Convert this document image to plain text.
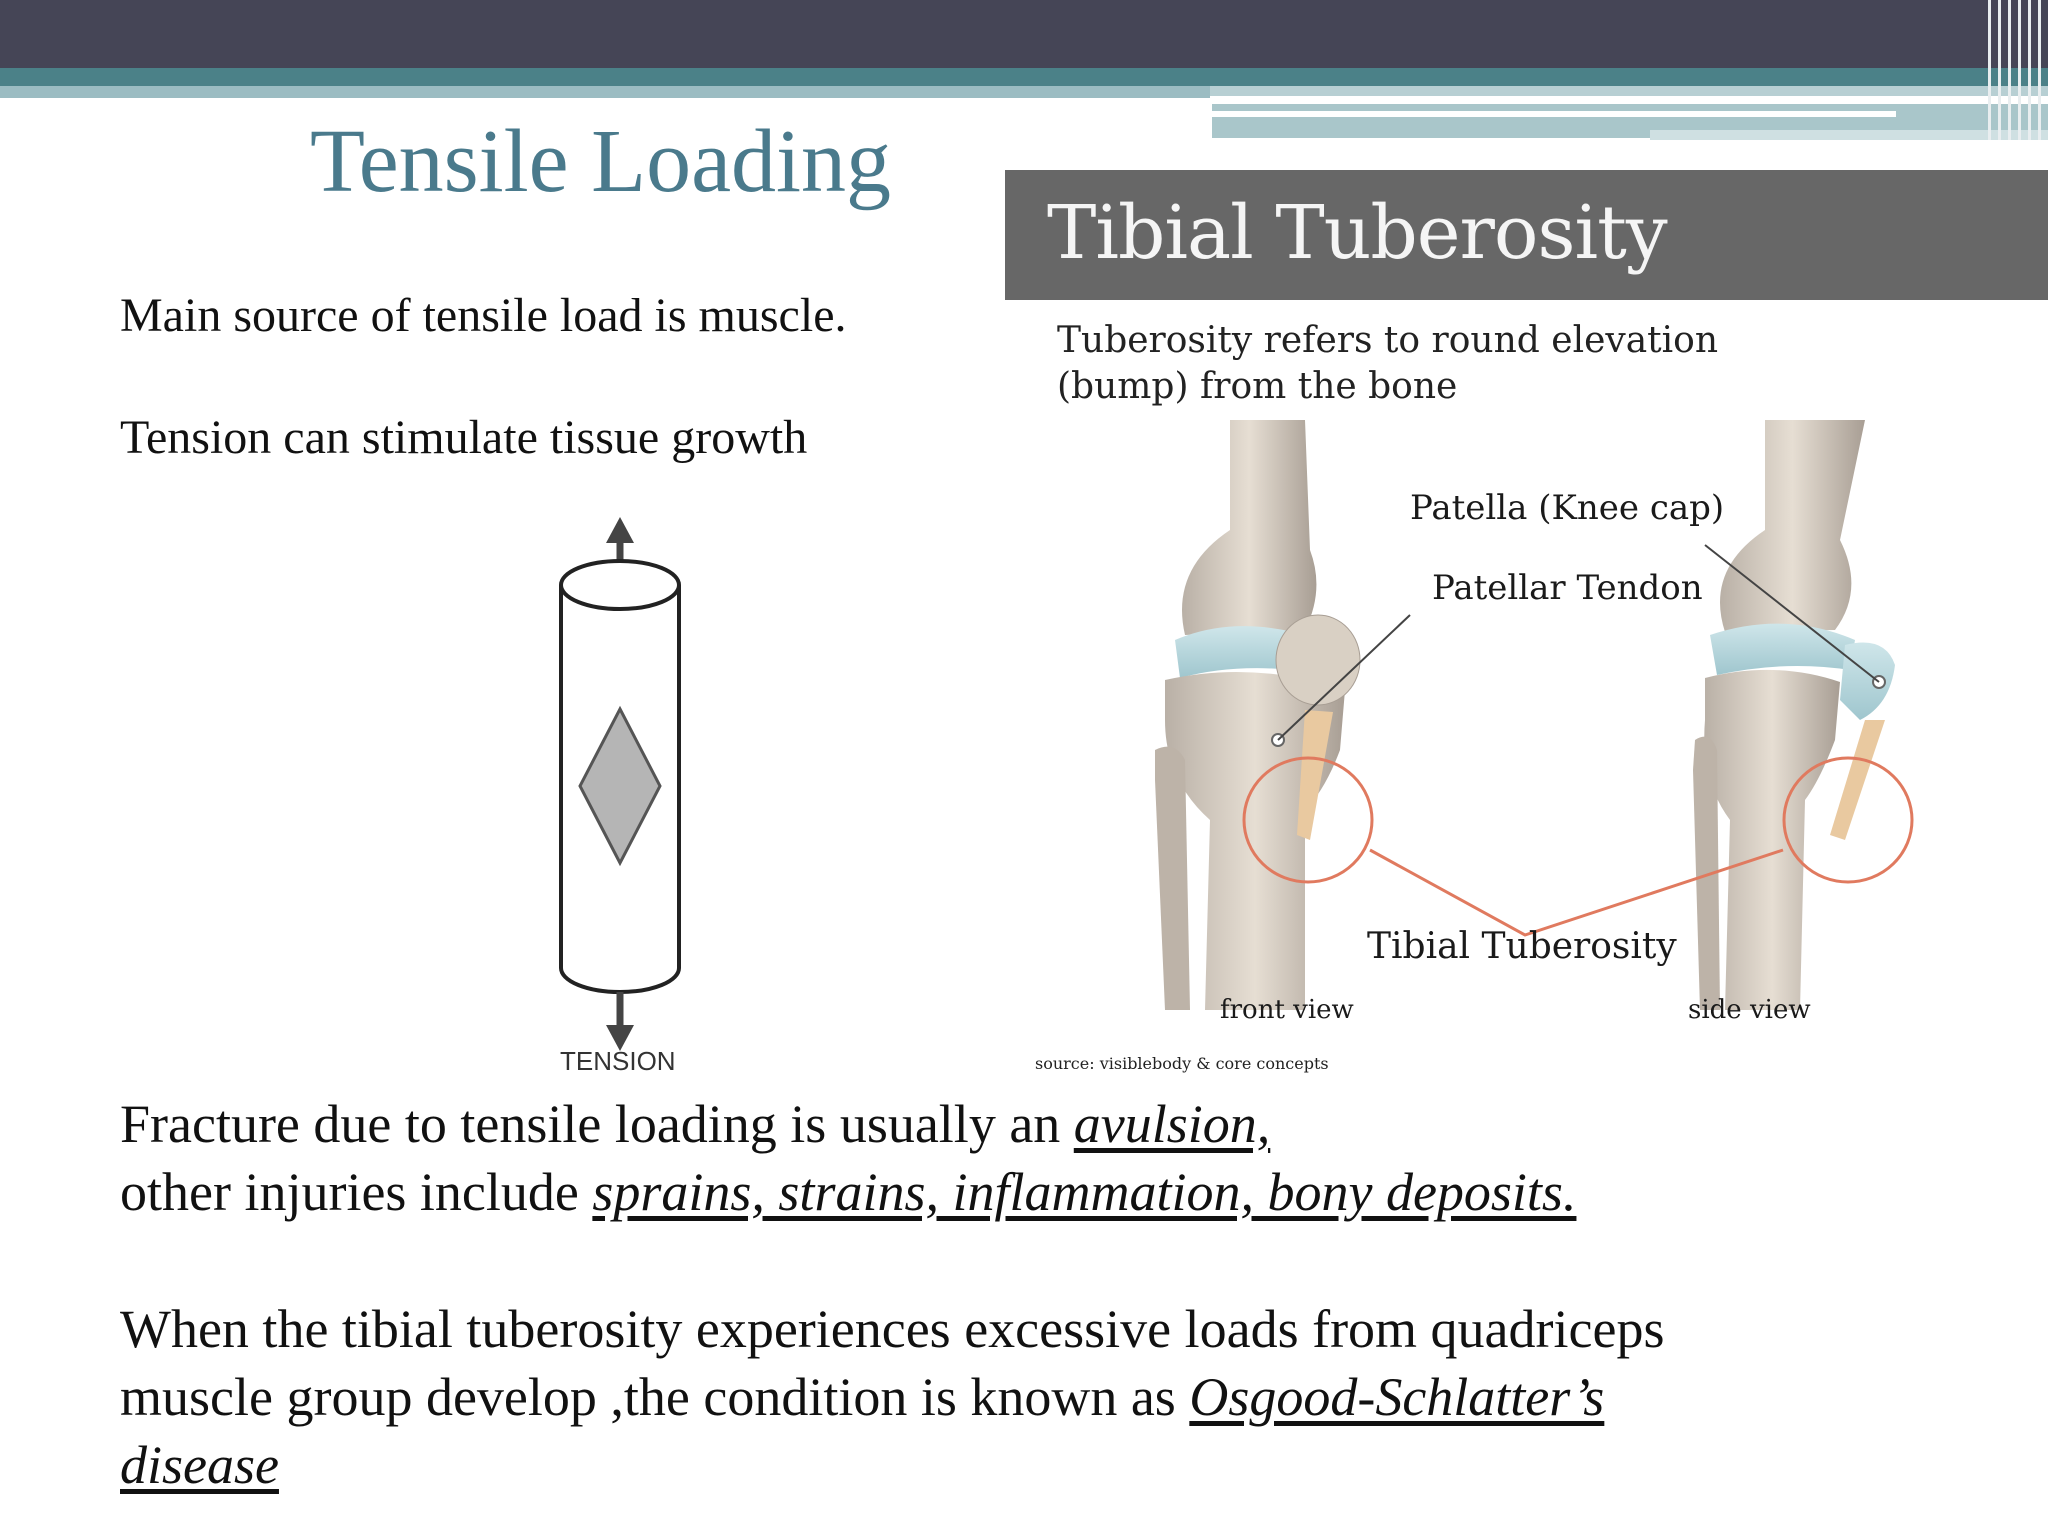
Tensile Loading
Main source of tensile load is muscle.
Tension can stimulate tissue growth
TENSION
Tibial Tuberosity
Tuberosity refers to round elevation
(bump) from the bone
Patella (Knee cap)
Patellar Tendon
Tibial Tuberosity
front view	side view
source: visiblebody & core concepts
Fracture due to tensile loading is usually an avulsion,
other injuries include sprains, strains, inflammation, bony deposits.
When the tibial tuberosity experiences excessive loads from quadriceps
muscle group develop ,the condition is known as Osgood-Schlatter’s
disease
